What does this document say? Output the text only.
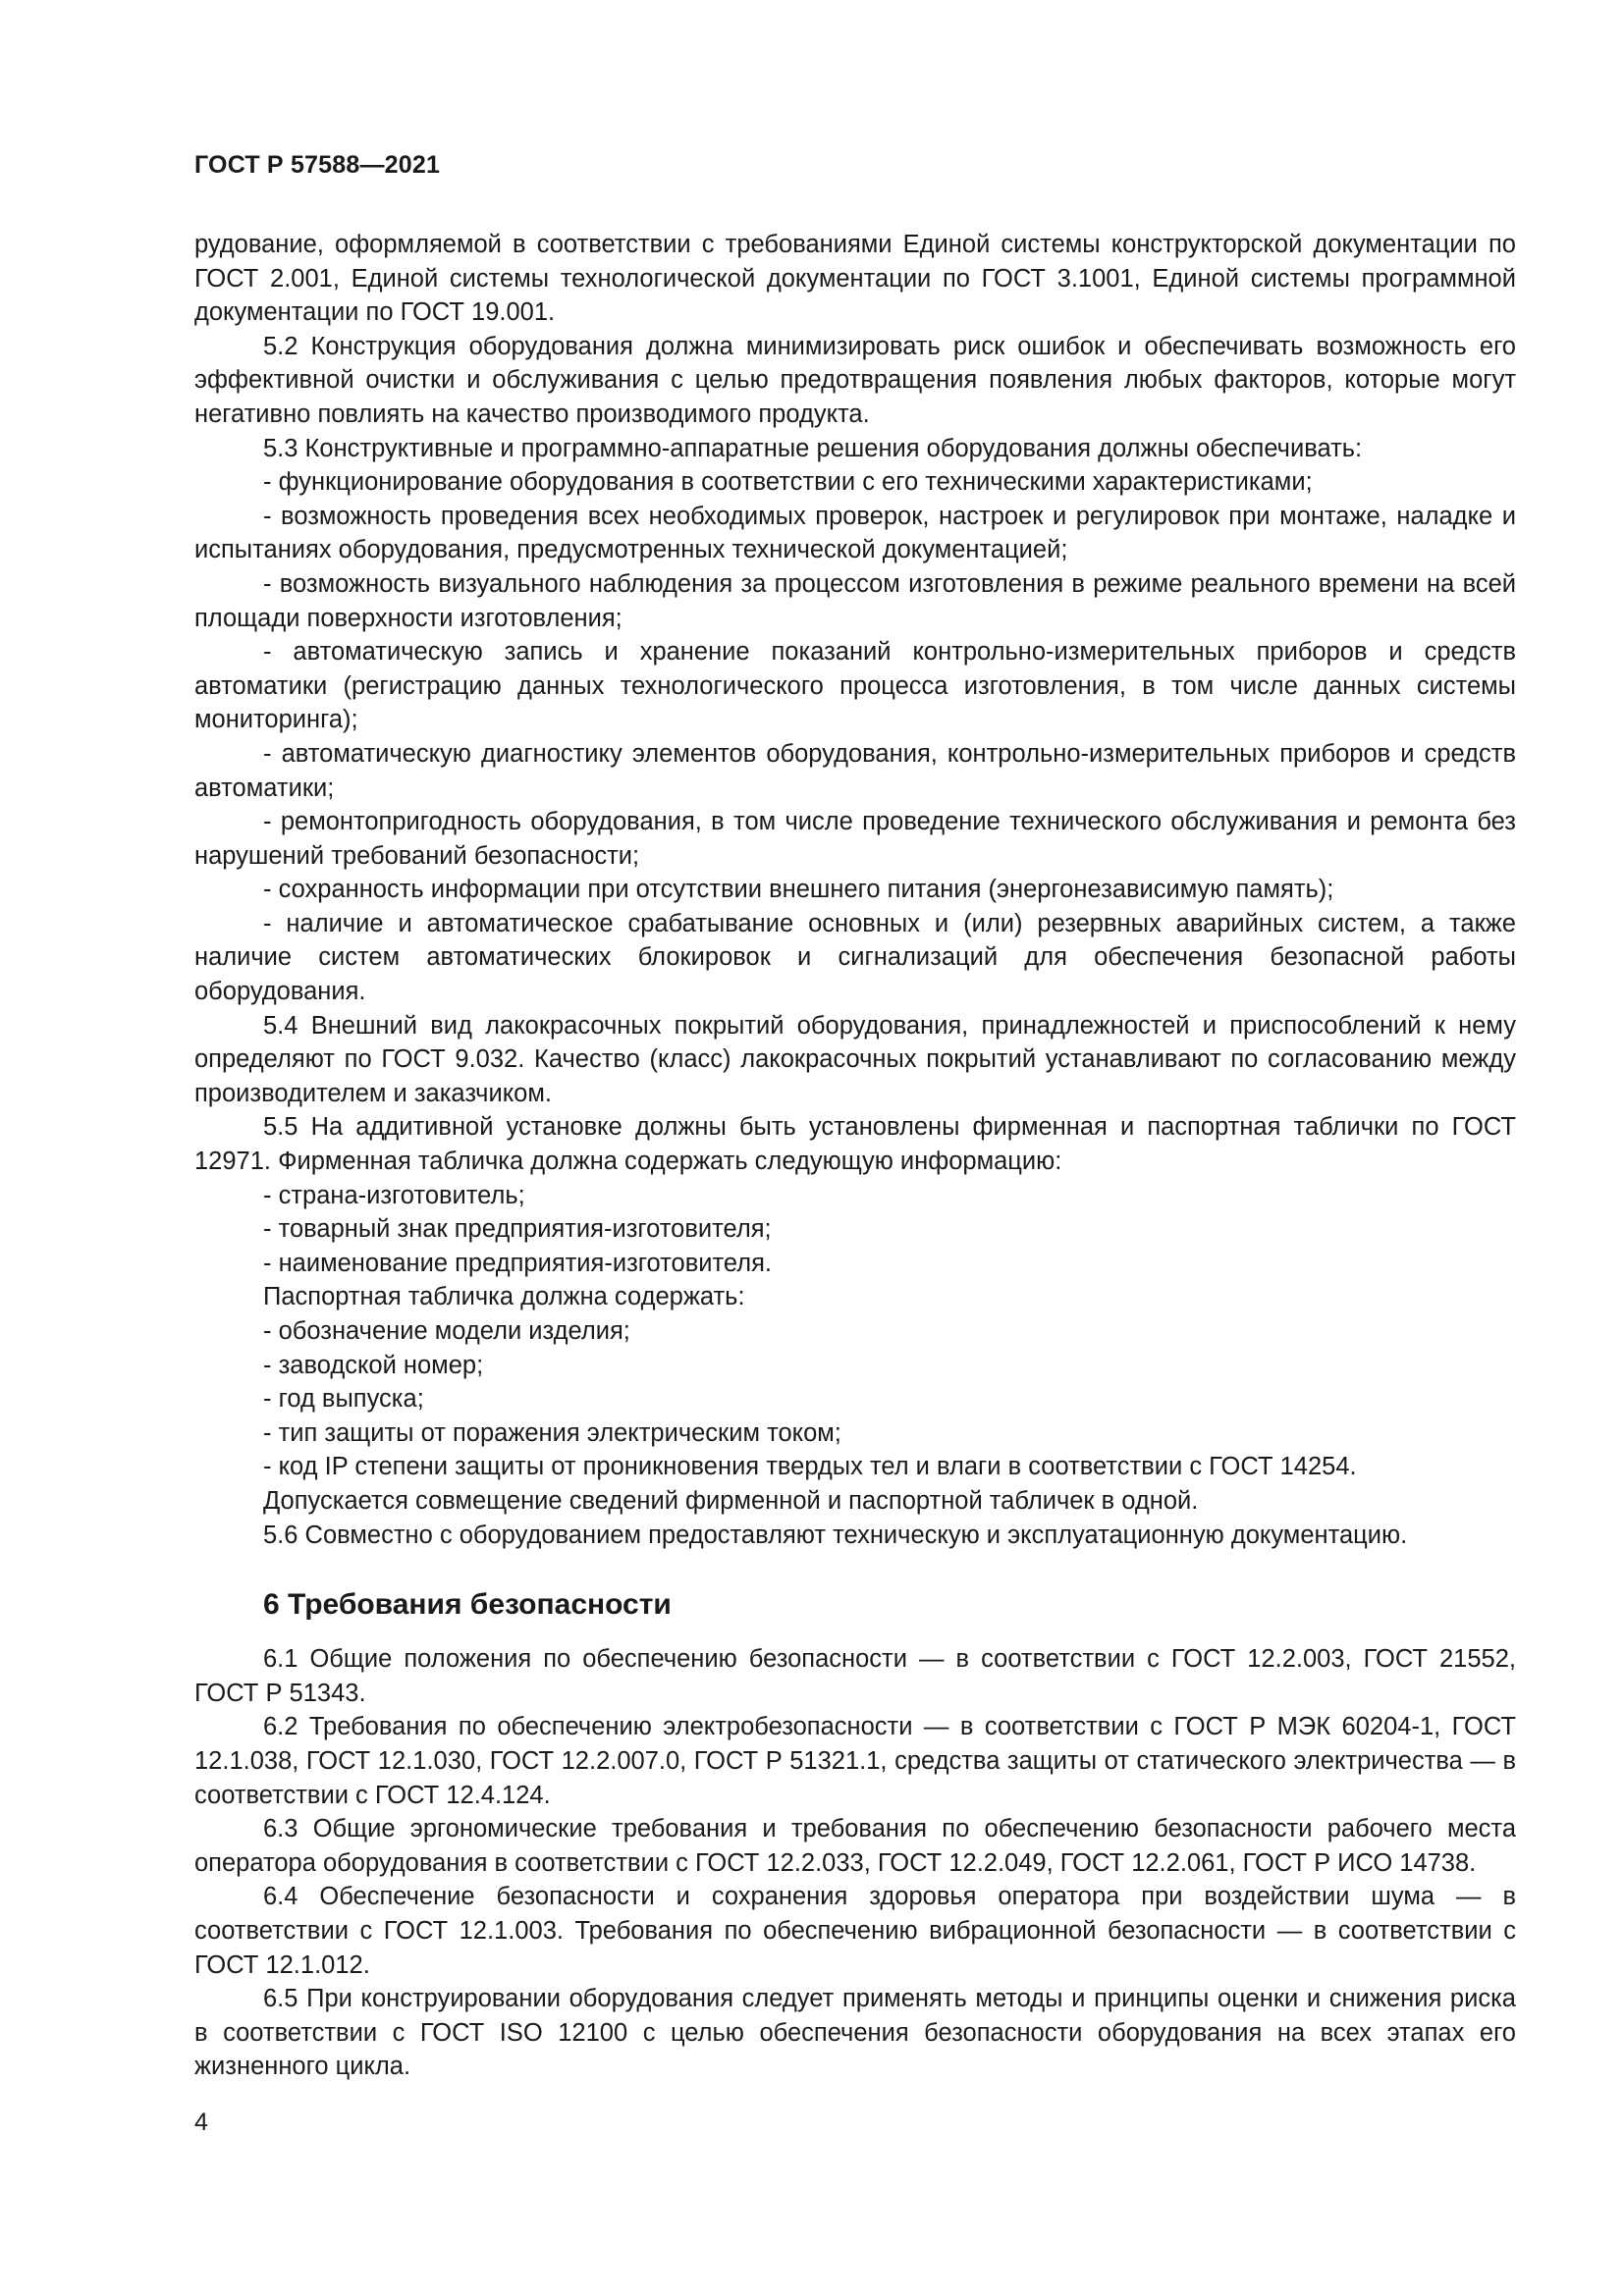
ГОСТ Р 57588—2021

рудование, оформляемой в соответствии с требованиями Единой системы конструкторской документации по ГОСТ 2.001, Единой системы технологической документации по ГОСТ 3.1001, Единой системы программной документации по ГОСТ 19.001.

5.2 Конструкция оборудования должна минимизировать риск ошибок и обеспечивать возможность его эффективной очистки и обслуживания с целью предотвращения появления любых факторов, которые могут негативно повлиять на качество производимого продукта.

5.3 Конструктивные и программно-аппаратные решения оборудования должны обеспечивать:

- функционирование оборудования в соответствии с его техническими характеристиками;

- возможность проведения всех необходимых проверок, настроек и регулировок при монтаже, наладке и испытаниях оборудования, предусмотренных технической документацией;

- возможность визуального наблюдения за процессом изготовления в режиме реального времени на всей площади поверхности изготовления;

- автоматическую запись и хранение показаний контрольно-измерительных приборов и средств автоматики (регистрацию данных технологического процесса изготовления, в том числе данных системы мониторинга);

- автоматическую диагностику элементов оборудования, контрольно-измерительных приборов и средств автоматики;

- ремонтопригодность оборудования, в том числе проведение технического обслуживания и ремонта без нарушений требований безопасности;

- сохранность информации при отсутствии внешнего питания (энергонезависимую память);

- наличие и автоматическое срабатывание основных и (или) резервных аварийных систем, а также наличие систем автоматических блокировок и сигнализаций для обеспечения безопасной работы оборудования.

5.4 Внешний вид лакокрасочных покрытий оборудования, принадлежностей и приспособлений к нему определяют по ГОСТ 9.032. Качество (класс) лакокрасочных покрытий устанавливают по согласованию между производителем и заказчиком.

5.5 На аддитивной установке должны быть установлены фирменная и паспортная таблички по ГОСТ 12971. Фирменная табличка должна содержать следующую информацию:

- страна-изготовитель;

- товарный знак предприятия-изготовителя;

- наименование предприятия-изготовителя.

Паспортная табличка должна содержать:

- обозначение модели изделия;

- заводской номер;

- год выпуска;

- тип защиты от поражения электрическим током;

- код IP степени защиты от проникновения твердых тел и влаги в соответствии с ГОСТ 14254.

Допускается совмещение сведений фирменной и паспортной табличек в одной.

5.6 Совместно с оборудованием предоставляют техническую и эксплуатационную документацию.

6 Требования безопасности

6.1 Общие положения по обеспечению безопасности — в соответствии с ГОСТ 12.2.003, ГОСТ 21552, ГОСТ Р 51343.

6.2 Требования по обеспечению электробезопасности — в соответствии с ГОСТ Р МЭК 60204-1, ГОСТ 12.1.038, ГОСТ 12.1.030, ГОСТ 12.2.007.0, ГОСТ Р 51321.1, средства защиты от статического электричества — в соответствии с ГОСТ 12.4.124.

6.3 Общие эргономические требования и требования по обеспечению безопасности рабочего места оператора оборудования в соответствии с ГОСТ 12.2.033, ГОСТ 12.2.049, ГОСТ 12.2.061, ГОСТ Р ИСО 14738.

6.4 Обеспечение безопасности и сохранения здоровья оператора при воздействии шума — в соответствии с ГОСТ 12.1.003. Требования по обеспечению вибрационной безопасности — в соответствии с ГОСТ 12.1.012.

6.5 При конструировании оборудования следует применять методы и принципы оценки и снижения риска в соответствии с ГОСТ ISO 12100 с целью обеспечения безопасности оборудования на всех этапах его жизненного цикла.

4
